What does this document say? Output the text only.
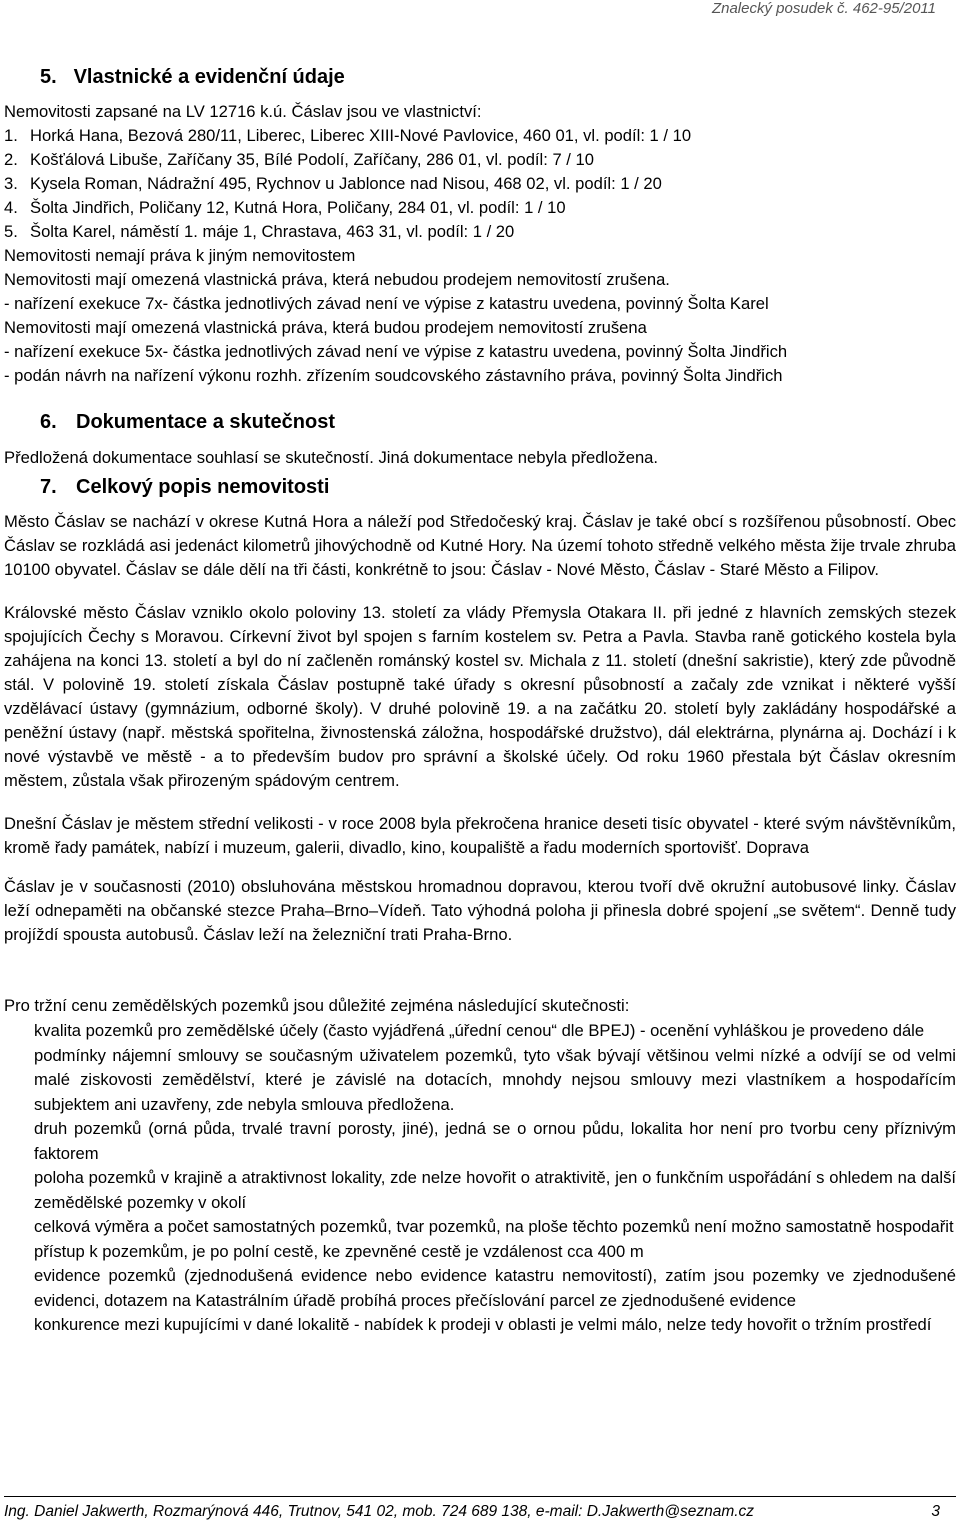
Znalecký posudek č. 462-95/2011
5. Vlastnické a evidenční údaje
Nemovitosti zapsané na LV 12716 k.ú. Čáslav jsou ve vlastnictví:
1. Horká Hana, Bezová 280/11, Liberec, Liberec XIII-Nové Pavlovice, 460 01, vl. podíl: 1 / 10
2. Košťálová Libuše, Zaříčany 35, Bílé Podolí, Zaříčany, 286 01, vl. podíl: 7 / 10
3. Kysela Roman, Nádražní 495, Rychnov u Jablonce nad Nisou, 468 02, vl. podíl: 1 / 20
4. Šolta Jindřich, Poličany 12, Kutná Hora, Poličany, 284 01, vl. podíl: 1 / 10
5. Šolta Karel, náměstí 1. máje 1, Chrastava, 463 31, vl. podíl: 1 / 20
Nemovitosti nemají práva k jiným nemovitostem
Nemovitosti mají omezená vlastnická práva, která nebudou prodejem nemovitostí zrušena.
- nařízení exekuce 7x- částka jednotlivých závad není ve výpise z katastru uvedena, povinný Šolta Karel
Nemovitosti mají omezená vlastnická práva, která budou prodejem nemovitostí zrušena
- nařízení exekuce 5x- částka jednotlivých závad není ve výpise z katastru uvedena, povinný Šolta Jindřich
- podán návrh na nařízení výkonu rozhh. zřízením soudcovského zástavního práva, povinný Šolta Jindřich
6. Dokumentace a skutečnost
Předložená dokumentace souhlasí se skutečností. Jiná dokumentace nebyla předložena.
7. Celkový popis nemovitosti
Město Čáslav se nachází v okrese Kutná Hora a náleží pod Středočeský kraj. Čáslav je také obcí s rozšířenou působností. Obec Čáslav se rozkládá asi jedenáct kilometrů jihovýchodně od Kutné Hory. Na území tohoto středně velkého města žije trvale zhruba 10100 obyvatel. Čáslav se dále dělí na tři části, konkrétně to jsou: Čáslav - Nové Město, Čáslav - Staré Město a Filipov.
Královské město Čáslav vzniklo okolo poloviny 13. století za vlády Přemysla Otakara II. při jedné z hlavních zemských stezek spojujících Čechy s Moravou. Církevní život byl spojen s farním kostelem sv. Petra a Pavla. Stavba raně gotického kostela byla zahájena na konci 13. století a byl do ní začleněn románský kostel sv. Michala z 11. století (dnešní sakristie), který zde původně stál. V polovině 19. století získala Čáslav postupně také úřady s okresní působností a začaly zde vznikat i některé vyšší vzdělávací ústavy (gymnázium, odborné školy). V druhé polovině 19. a na začátku 20. století byly zakládány hospodářské a peněžní ústavy (např. městská spořitelna, živnostenská záložna, hospodářské družstvo), dál elektrárna, plynárna aj. Dochází i k nové výstavbě ve městě - a to především budov pro správní a školské účely. Od roku 1960 přestala být Čáslav okresním městem, zůstala však přirozeným spádovým centrem.
Dnešní Čáslav je městem střední velikosti - v roce 2008 byla překročena hranice deseti tisíc obyvatel - které svým návštěvníkům, kromě řady památek, nabízí i muzeum, galerii, divadlo, kino, koupaliště a řadu moderních sportovišť. Doprava
Čáslav je v současnosti (2010) obsluhována městskou hromadnou dopravou, kterou tvoří dvě okružní autobusové linky. Čáslav leží odnepaměti na občanské stezce Praha–Brno–Vídeň. Tato výhodná poloha ji přinesla dobré spojení „se světem“. Denně tudy projíždí spousta autobusů. Čáslav leží na železniční trati Praha-Brno.
Pro tržní cenu zemědělských pozemků jsou důležité zejména následující skutečnosti:
kvalita pozemků pro zemědělské účely (často vyjádřená „úřední cenou“ dle BPEJ) - ocenění vyhláškou je provedeno dále
podmínky nájemní smlouvy se současným uživatelem pozemků, tyto však bývají většinou velmi nízké a odvíjí se od velmi malé ziskovosti zemědělství, které je závislé na dotacích, mnohdy nejsou smlouvy mezi vlastníkem a hospodařícím subjektem ani uzavřeny, zde nebyla smlouva předložena.
druh pozemků (orná půda, trvalé travní porosty, jiné), jedná se o ornou půdu, lokalita hor není pro tvorbu ceny příznivým faktorem
poloha pozemků v krajině a atraktivnost lokality, zde nelze hovořit o atraktivitě, jen o funkčním uspořádání s ohledem na další zemědělské pozemky v okolí
celková výměra a počet samostatných pozemků, tvar pozemků, na ploše těchto pozemků není možno samostatně hospodařit
přístup k pozemkům, je po polní cestě, ke zpevněné cestě je vzdálenost cca 400 m
evidence pozemků (zjednodušená evidence nebo evidence katastru nemovitostí), zatím jsou pozemky ve zjednodušené evidenci, dotazem na Katastrálním úřadě probíhá proces přečíslování parcel ze zjednodušené evidence
konkurence mezi kupujícími v dané lokalitě - nabídek k prodeji v oblasti je velmi málo, nelze tedy hovořit o tržním prostředí
Ing. Daniel Jakwerth, Rozmarýnová 446, Trutnov, 541 02, mob. 724 689 138, e-mail: D.Jakwerth@seznam.cz	3
